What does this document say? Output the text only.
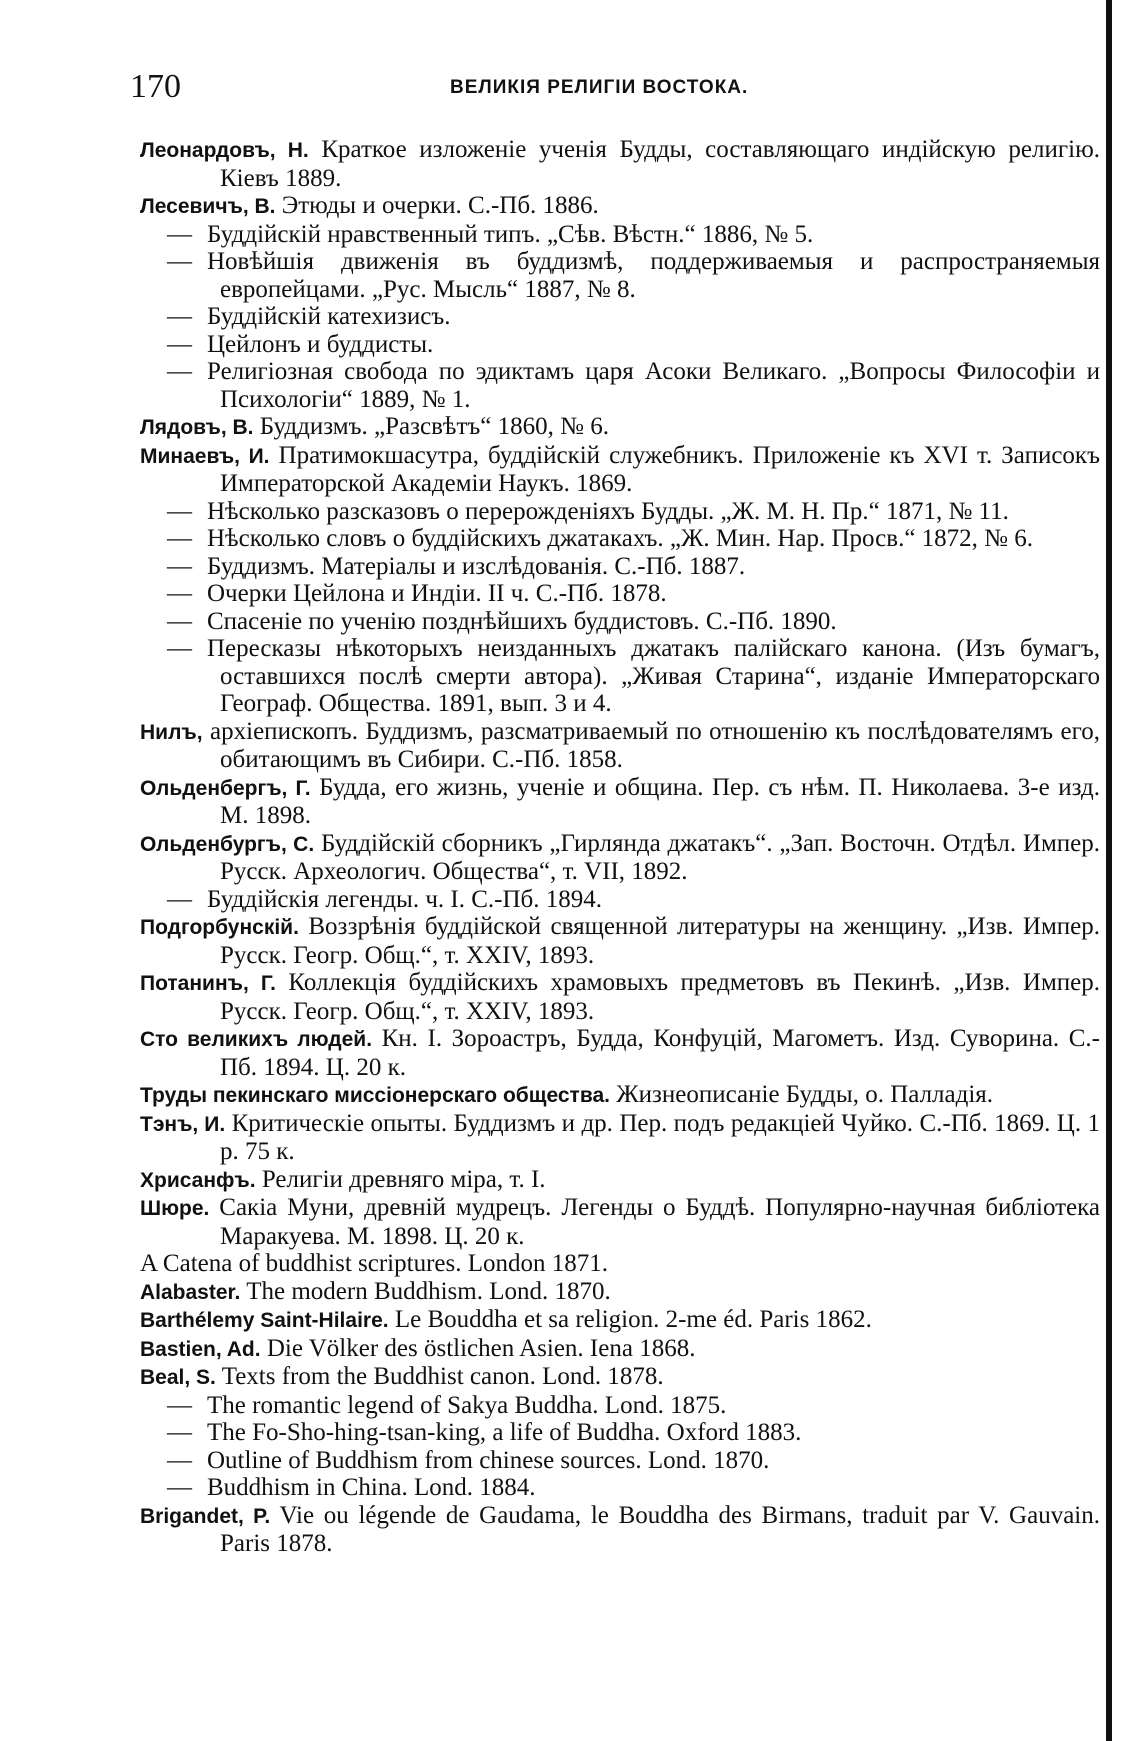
170	ВЕЛИКІЯ РЕЛИГІИ ВОСТОКА.
Леонардовъ, Н. Краткое изложеніе ученія Будды, составляющаго индійскую религію. Кіевъ 1889.
Лесевичъ, В. Этюды и очерки. С.-Пб. 1886.
— Буддійскій нравственный типъ. „Сѣв. Вѣстн.“ 1886, № 5.
— Новѣйшія движенія въ буддизмѣ, поддерживаемыя и распространяемыя европейцами. „Рус. Мысль“ 1887, № 8.
— Буддійскій катехизисъ.
— Цейлонъ и буддисты.
— Религіозная свобода по эдиктамъ царя Асоки Великаго. „Вопросы Философіи и Психологіи“ 1889, № 1.
Лядовъ, В. Буддизмъ. „Разсвѣтъ“ 1860, № 6.
Минаевъ, И. Пратимокшасутра, буддійскій служебникъ. Приложеніе къ XVI т. Записокъ Императорской Академіи Наукъ. 1869.
— Нѣсколько разсказовъ о перерожденіяхъ Будды. „Ж. М. Н. Пр.“ 1871, № 11.
— Нѣсколько словъ о буддійскихъ джатакахъ. „Ж. Мин. Нар. Просв.“ 1872, № 6.
— Буддизмъ. Матеріалы и изслѣдованія. С.-Пб. 1887.
— Очерки Цейлона и Индіи. II ч. С.-Пб. 1878.
— Спасеніе по ученію позднѣйшихъ буддистовъ. С.-Пб. 1890.
— Пересказы нѣкоторыхъ неизданныхъ джатакъ палійскаго канона. (Изъ бумагъ, оставшихся послѣ смерти автора). „Живая Старина“, изданіе Императорскаго Географ. Общества. 1891, вып. 3 и 4.
Нилъ, архіепископъ. Буддизмъ, разсматриваемый по отношенію къ послѣдователямъ его, обитающимъ въ Сибири. С.-Пб. 1858.
Ольденбергъ, Г. Будда, его жизнь, ученіе и община. Пер. съ нѣм. П. Николаева. 3-е изд. М. 1898.
Ольденбургъ, С. Буддійскій сборникъ „Гирлянда джатакъ“. „Зап. Восточн. Отдѣл. Импер. Русск. Археологич. Общества“, т. VII, 1892.
— Буддійскія легенды. ч. I. С.-Пб. 1894.
Подгорбунскій. Воззрѣнія буддійской священной литературы на женщину. „Изв. Импер. Русск. Геогр. Общ.“, т. XXIV, 1893.
Потанинъ, Г. Коллекція буддійскихъ храмовыхъ предметовъ въ Пекинѣ. „Изв. Импер. Русск. Геогр. Общ.“, т. XXIV, 1893.
Сто великихъ людей. Кн. I. Зороастръ, Будда, Конфуцій, Магометъ. Изд. Суворина. С.-Пб. 1894. Ц. 20 к.
Труды пекинскаго миссіонерскаго общества. Жизнеописаніе Будды, о. Палладія.
Тэнъ, И. Критическіе опыты. Буддизмъ и др. Пер. подъ редакціей Чуйко. С.-Пб. 1869. Ц. 1 р. 75 к.
Хрисанфъ. Религіи древняго міра, т. I.
Шюре. Сакіа Муни, древній мудрецъ. Легенды о Буддѣ. Популярно-научная библіотека Маракуева. М. 1898. Ц. 20 к.
A Catena of buddhist scriptures. London 1871.
Alabaster. The modern Buddhism. Lond. 1870.
Barthélemy Saint-Hilaire. Le Bouddha et sa religion. 2-me éd. Paris 1862.
Bastien, Ad. Die Völker des östlichen Asien. Iena 1868.
Beal, S. Texts from the Buddhist canon. Lond. 1878.
— The romantic legend of Sakya Buddha. Lond. 1875.
— The Fo-Sho-hing-tsan-king, a life of Buddha. Oxford 1883.
— Outline of Buddhism from chinese sources. Lond. 1870.
— Buddhism in China. Lond. 1884.
Brigandet, P. Vie ou légende de Gaudama, le Bouddha des Birmans, traduit par V. Gauvain. Paris 1878.
